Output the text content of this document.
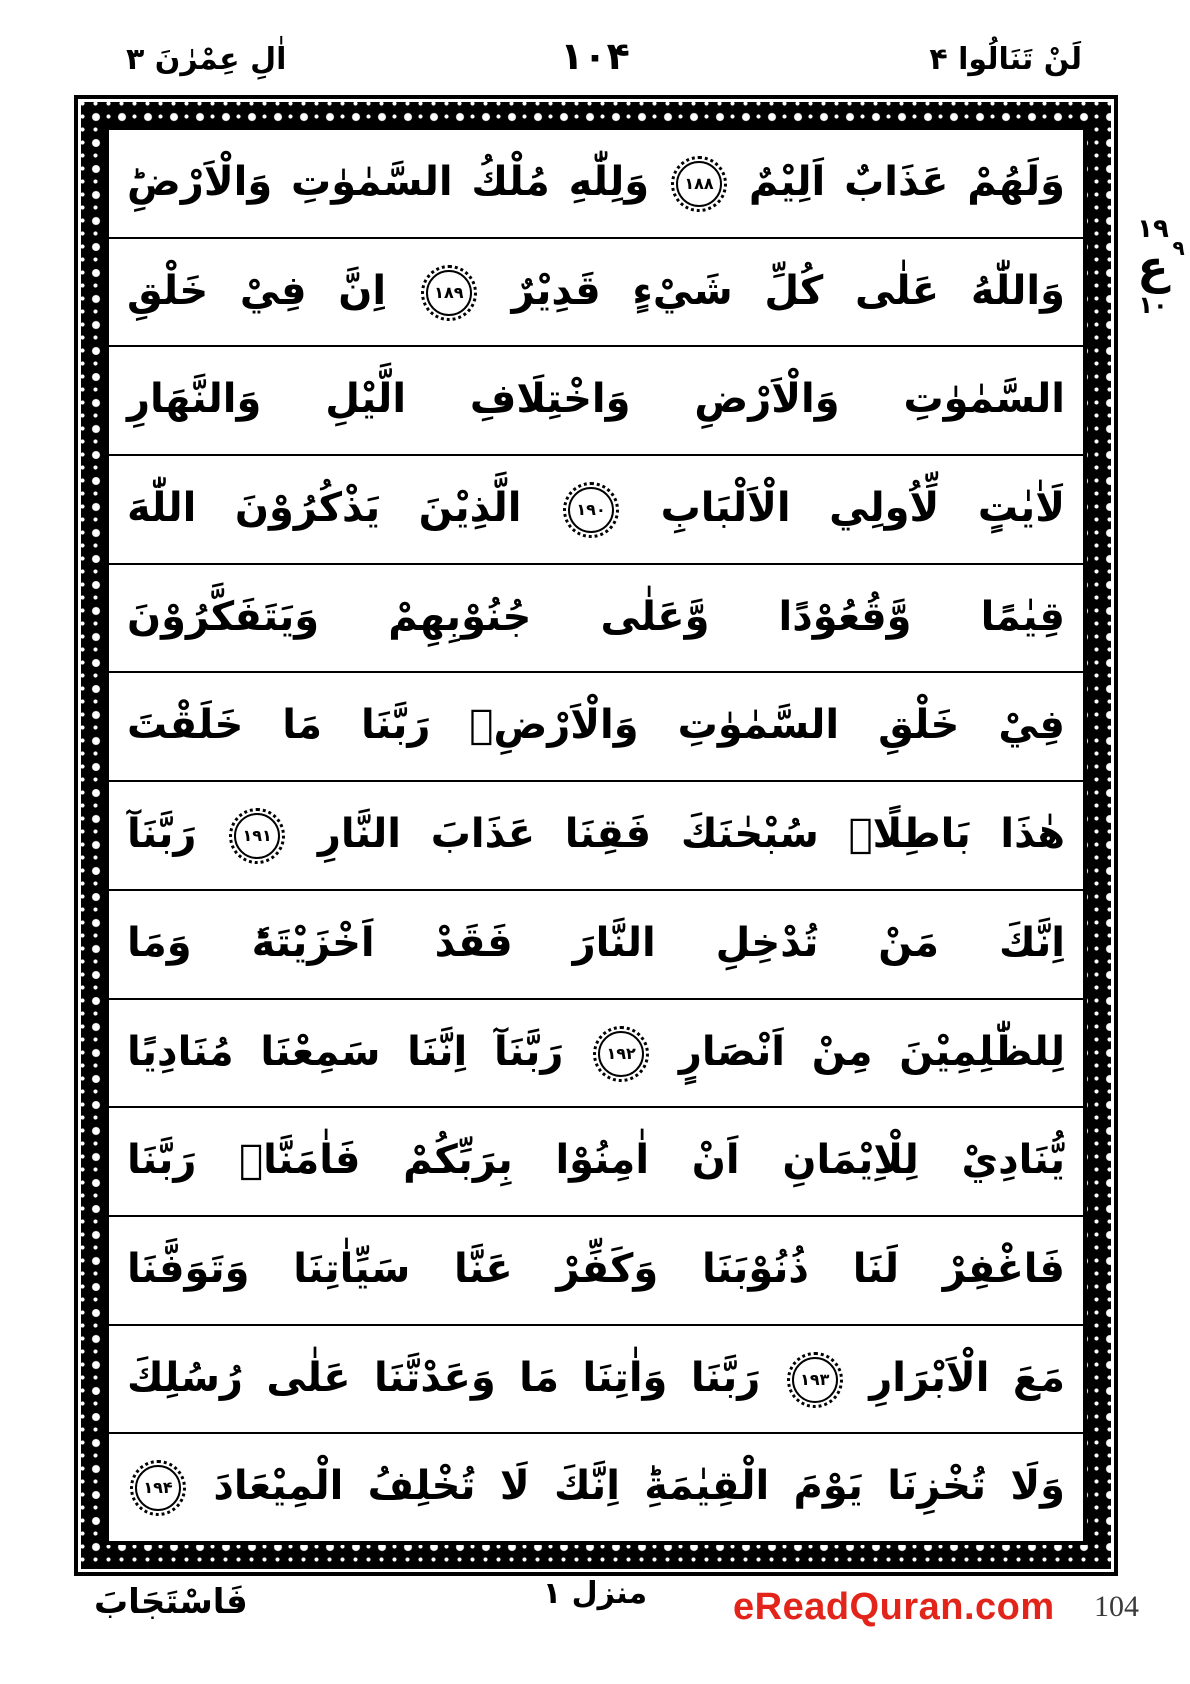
اٰلِ عِمْرٰنَ ٣	١٠۴	لَنْ تَنَالُوا ۴
وَلَهُمْ عَذَابٌ اَلِيْمٌ ١٨٨ وَلِلّٰهِ مُلْكُ السَّمٰوٰتِ وَالْاَرْضِؕ
وَاللّٰهُ عَلٰى كُلِّ شَيْءٍ قَدِيْرٌ ١٨٩ اِنَّ فِيْ خَلْقِ
السَّمٰوٰتِ وَالْاَرْضِ وَاخْتِلَافِ الَّيْلِ وَالنَّهَارِ
لَاٰيٰتٍ لِّاُولِي الْاَلْبَابِ ١٩٠ الَّذِيْنَ يَذْكُرُوْنَ اللّٰهَ
قِيٰمًا وَّقُعُوْدًا وَّعَلٰى جُنُوْبِهِمْ وَيَتَفَكَّرُوْنَ
فِيْ خَلْقِ السَّمٰوٰتِ وَالْاَرْضِۚ رَبَّنَا مَا خَلَقْتَ
هٰذَا بَاطِلًاۚ سُبْحٰنَكَ فَقِنَا عَذَابَ النَّارِ ١٩١ رَبَّنَآ
اِنَّكَ مَنْ تُدْخِلِ النَّارَ فَقَدْ اَخْزَيْتَهٗؕ وَمَا
لِلظّٰلِمِيْنَ مِنْ اَنْصَارٍ ١٩٢ رَبَّنَآ اِنَّنَا سَمِعْنَا مُنَادِيًا
يُّنَادِيْ لِلْاِيْمَانِ اَنْ اٰمِنُوْا بِرَبِّكُمْ فَاٰمَنَّاۖ رَبَّنَا
فَاغْفِرْ لَنَا ذُنُوْبَنَا وَكَفِّرْ عَنَّا سَيِّاٰتِنَا وَتَوَفَّنَا
مَعَ الْاَبْرَارِ ١٩٣ رَبَّنَا وَاٰتِنَا مَا وَعَدْتَّنَا عَلٰى رُسُلِكَ
وَلَا تُخْزِنَا يَوْمَ الْقِيٰمَةِؕ اِنَّكَ لَا تُخْلِفُ الْمِيْعَادَ ١٩۴
١٩
ع ٩
١٠
فَاسْتَجَابَ	منزل ١	eReadQuran.com 104
